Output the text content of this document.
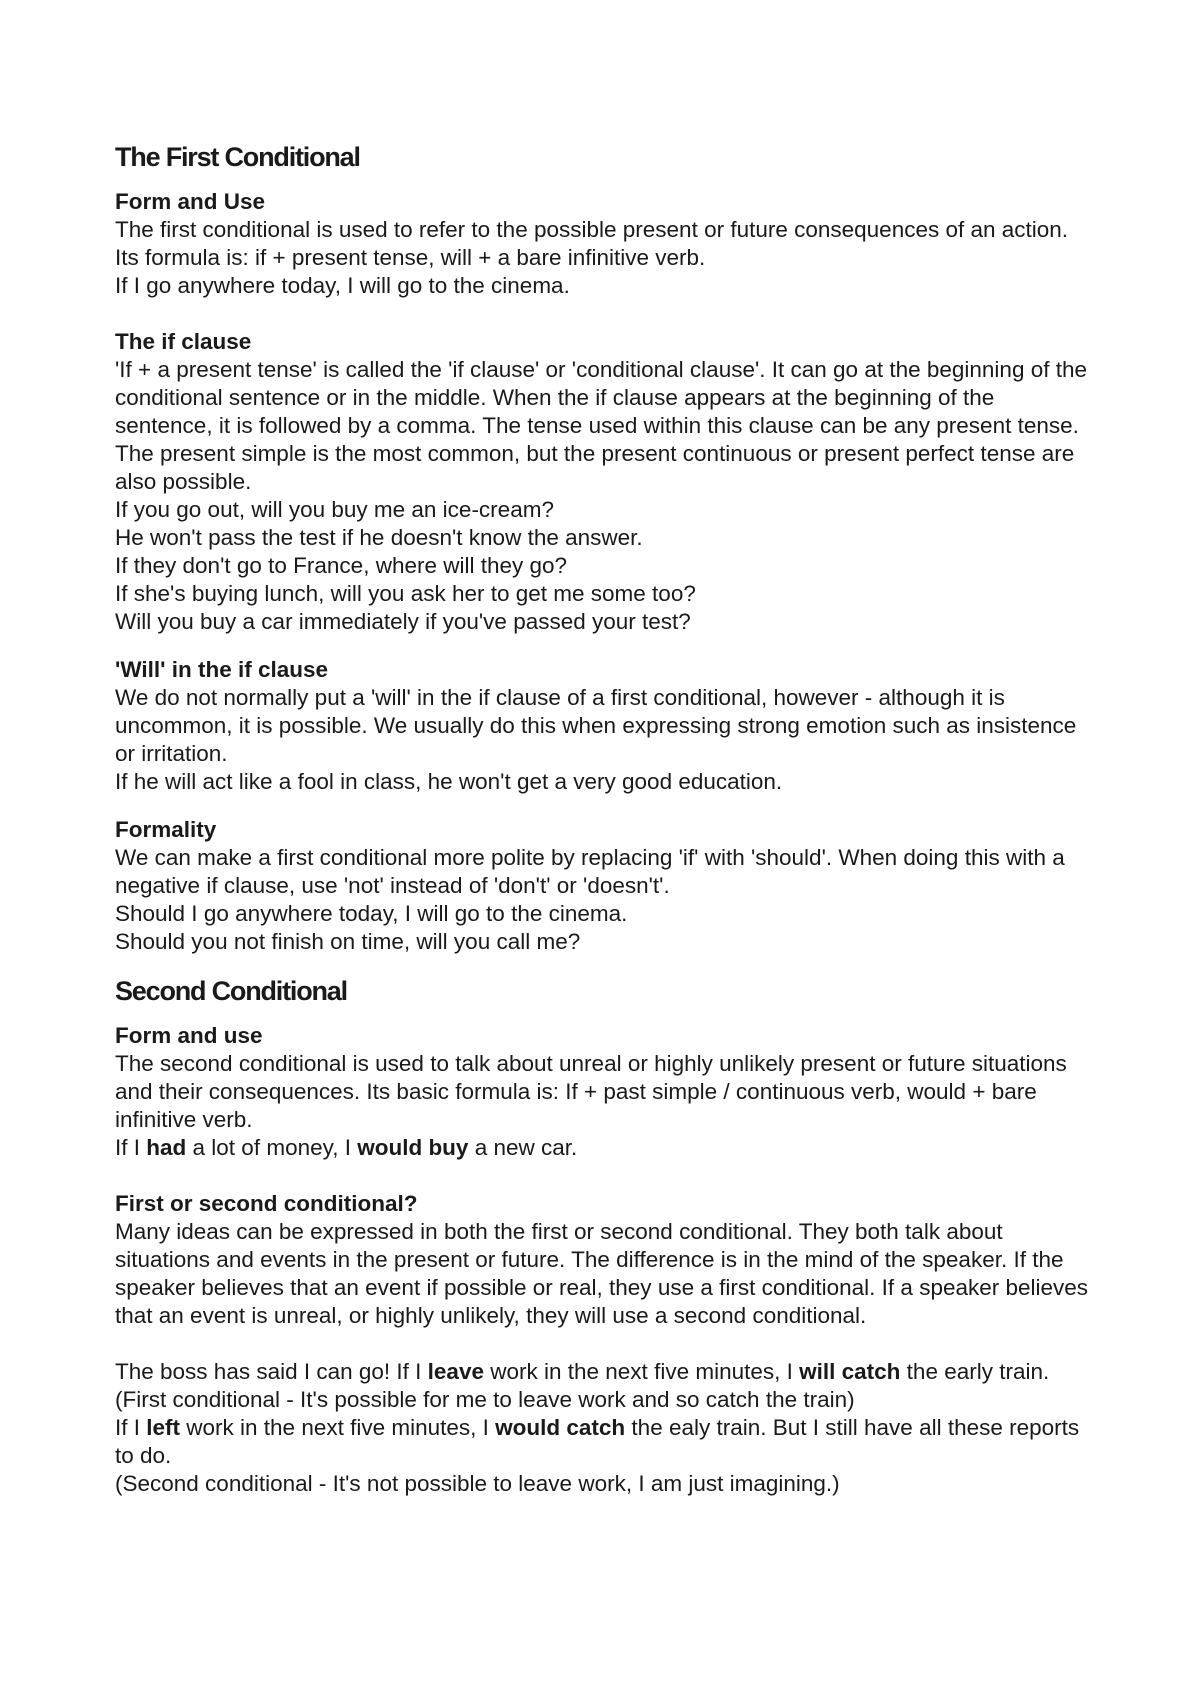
The First Conditional
Form and Use

The first conditional is used to refer to the possible present or future consequences of an action. Its formula is: if + present tense, will + a bare infinitive verb.

If I go anywhere today, I will go to the cinema.

The if clause

'If + a present tense' is called the 'if clause' or 'conditional clause'. It can go at the beginning of the conditional sentence or in the middle. When the if clause appears at the beginning of the sentence, it is followed by a comma. The tense used within this clause can be any present tense. The present simple is the most common, but the present continuous or present perfect tense are also possible.

If you go out, will you buy me an ice-cream?

He won't pass the test if he doesn't know the answer.

If they don't go to France, where will they go?

If she's buying lunch, will you ask her to get me some too?

Will you buy a car immediately if you've passed your test?

'Will' in the if clause

We do not normally put a 'will' in the if clause of a first conditional, however - although it is uncommon, it is possible. We usually do this when expressing strong emotion such as insistence or irritation.

If he will act like a fool in class, he won't get a very good education.

Formality

We can make a first conditional more polite by replacing 'if' with 'should'. When doing this with a negative if clause, use 'not' instead of 'don't' or 'doesn't'.

Should I go anywhere today, I will go to the cinema.

Should you not finish on time, will you call me?

Second Conditional
Form and use

The second conditional is used to talk about unreal or highly unlikely present or future situations and their consequences. Its basic formula is: If + past simple / continuous verb, would + bare infinitive verb.

If I had a lot of money, I would buy a new car.

First or second conditional?

Many ideas can be expressed in both the first or second conditional. They both talk about situations and events in the present or future. The difference is in the mind of the speaker. If the speaker believes that an event if possible or real, they use a first conditional. If a speaker believes that an event is unreal, or highly unlikely, they will use a second conditional.

The boss has said I can go! If I leave work in the next five minutes, I will catch the early train.

(First conditional - It's possible for me to leave work and so catch the train)

If I left work in the next five minutes, I would catch the ealy train. But I still have all these reports to do.

(Second conditional - It's not possible to leave work, I am just imagining.)
